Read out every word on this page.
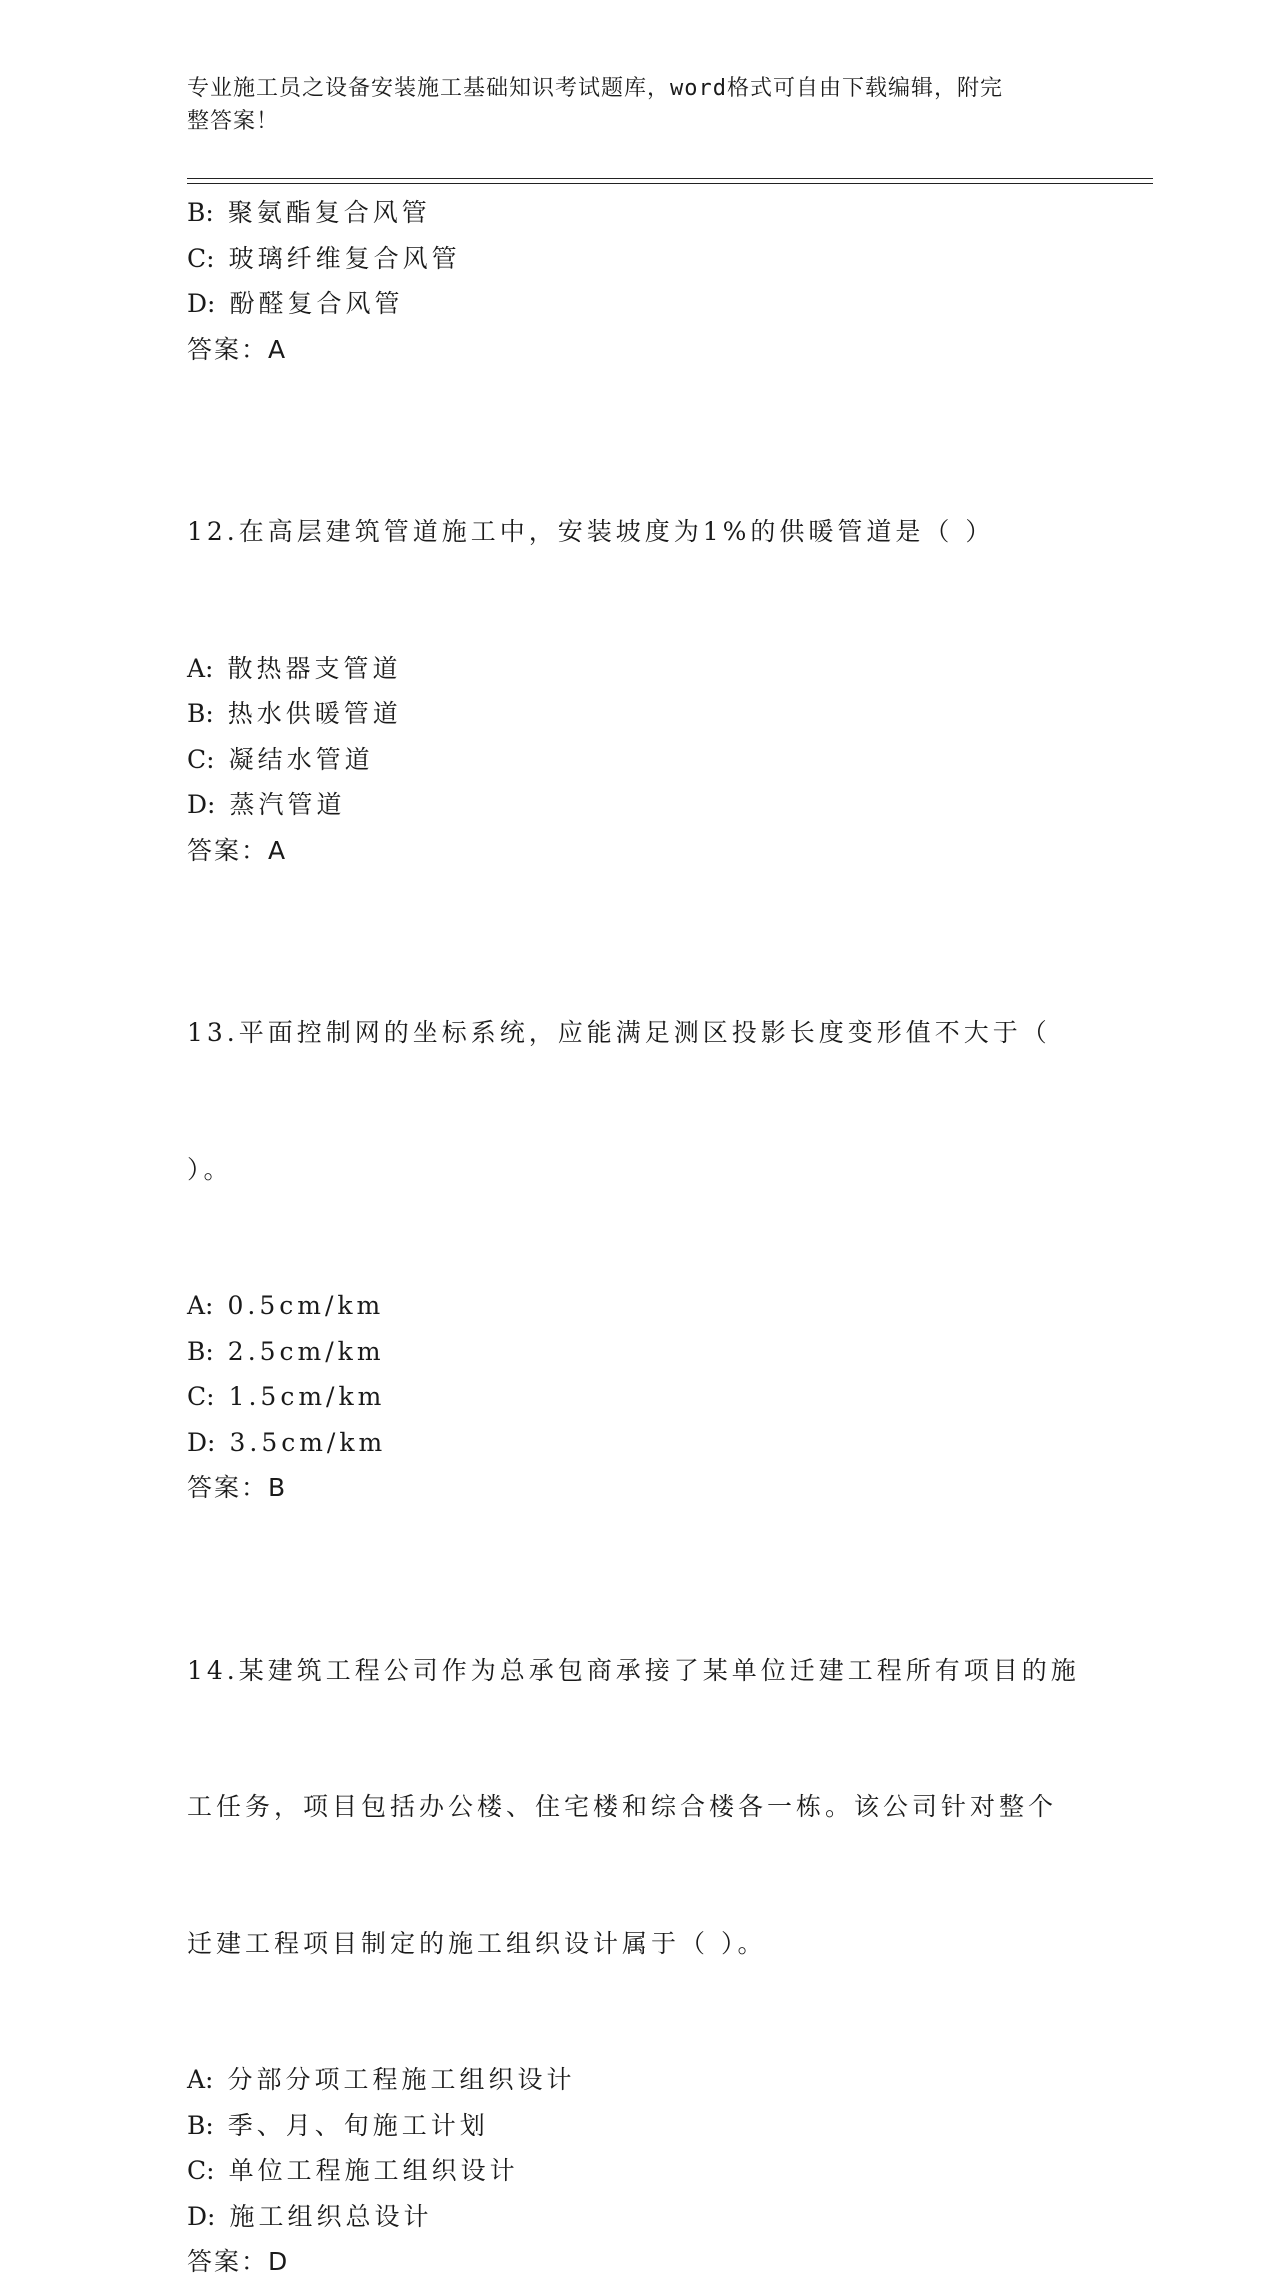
专业施工员之设备安装施工基础知识考试题库，word格式可自由下载编辑，附完
整答案！
B: 聚氨酯复合风管
C: 玻璃纤维复合风管
D: 酚醛复合风管
答案：A

12.在高层建筑管道施工中，安装坡度为1%的供暖管道是（ ）

A: 散热器支管道
B: 热水供暖管道
C: 凝结水管道
D: 蒸汽管道
答案：A

13.平面控制网的坐标系统，应能满足测区投影长度变形值不大于（

）。

A: 0.5cm/km
B: 2.5cm/km
C: 1.5cm/km
D: 3.5cm/km
答案：B

14.某建筑工程公司作为总承包商承接了某单位迁建工程所有项目的施

工任务，项目包括办公楼、住宅楼和综合楼各一栋。该公司针对整个

迁建工程项目制定的施工组织设计属于（ ）。

A: 分部分项工程施工组织设计
B: 季、月、旬施工计划
C: 单位工程施工组织设计
D: 施工组织总设计
答案：D
